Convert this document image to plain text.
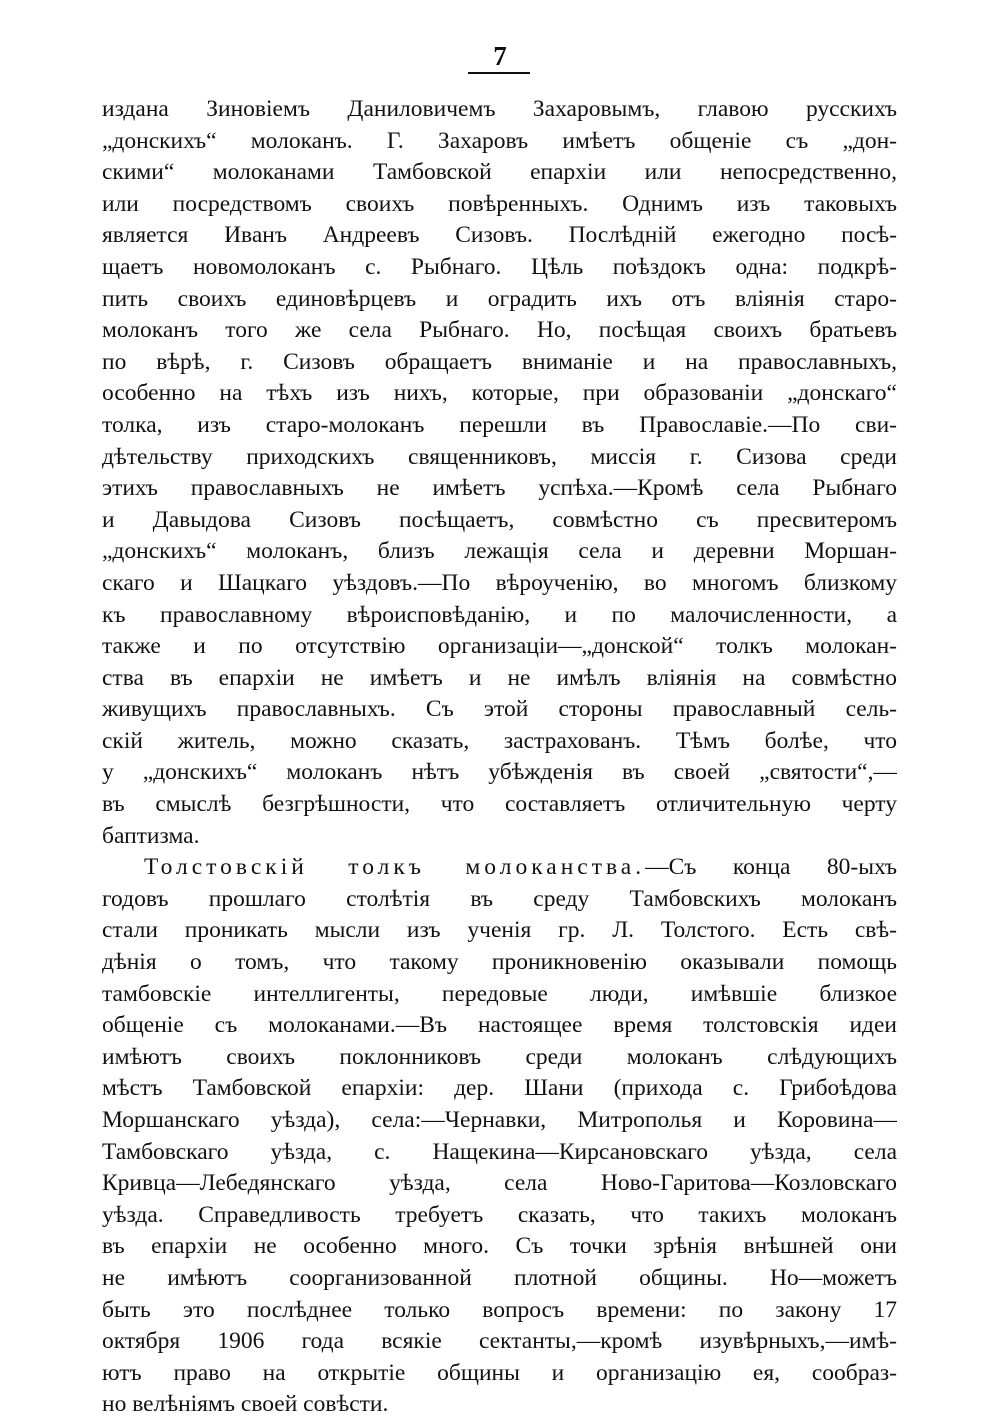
7
издана Зиновіемъ Даниловичемъ Захаровымъ, главою русскихъ
„донскихъ“ молоканъ. Г. Захаровъ имѣетъ общеніе съ „дон-
скими“ молоканами Тамбовской епархіи или непосредственно,
или посредствомъ своихъ повѣренныхъ. Однимъ изъ таковыхъ
является Иванъ Андреевъ Сизовъ. Послѣдній ежегодно посѣ-
щаетъ новомолоканъ с. Рыбнаго. Цѣль поѣздокъ одна: подкрѣ-
пить своихъ единовѣрцевъ и оградить ихъ отъ вліянія старо-
молоканъ того же села Рыбнаго. Но, посѣщая своихъ братьевъ
по вѣрѣ, г. Сизовъ обращаетъ вниманіе и на православныхъ,
особенно на тѣхъ изъ нихъ, которые, при образованіи „донскаго“
толка, изъ старо-молоканъ перешли въ Православіе.—По сви-
дѣтельству приходскихъ священниковъ, миссія г. Сизова среди
этихъ православныхъ не имѣетъ успѣха.—Кромѣ села Рыбнаго
и Давыдова Сизовъ посѣщаетъ, совмѣстно съ пресвитеромъ
„донскихъ“ молоканъ, близъ лежащія села и деревни Моршан-
скаго и Шацкаго уѣздовъ.—По вѣроученію, во многомъ близкому
къ православному вѣроисповѣданію, и по малочисленности, а
также и по отсутствію организаціи—„донской“ толкъ молокан-
ства въ епархіи не имѣетъ и не имѣлъ вліянія на совмѣстно
живущихъ православныхъ. Съ этой стороны православный сель-
скій житель, можно сказать, застрахованъ. Тѣмъ болѣе, что
у „донскихъ“ молоканъ нѣтъ убѣжденія въ своей „святости“,—
въ смыслѣ безгрѣшности, что составляетъ отличительную черту
баптизма.
Толстовскій толкъ молоканства.—Съ конца 80-ыхъ
годовъ прошлаго столѣтія въ среду Тамбовскихъ молоканъ
стали проникать мысли изъ ученія гр. Л. Толстого. Есть свѣ-
дѣнія о томъ, что такому проникновенію оказывали помощь
тамбовскіе интеллигенты, передовые люди, имѣвшіе близкое
общеніе съ молоканами.—Въ настоящее время толстовскія идеи
имѣютъ своихъ поклонниковъ среди молоканъ слѣдующихъ
мѣстъ Тамбовской епархіи: дер. Шани (прихода с. Грибоѣдова
Моршанскаго уѣзда), села:—Чернавки, Митрополья и Коровина—
Тамбовскаго уѣзда, с. Нащекина—Кирсановскаго уѣзда, села
Кривца—Лебедянскаго уѣзда, села Ново-Гаритова—Козловскаго
уѣзда. Справедливость требуетъ сказать, что такихъ молоканъ
въ епархіи не особенно много. Съ точки зрѣнія внѣшней они
не имѣютъ соорганизованной плотной общины. Но—можетъ
быть это послѣднее только вопросъ времени: по закону 17
октября 1906 года всякіе сектанты,—кромѣ изувѣрныхъ,—имѣ-
ютъ право на открытіе общины и организацію ея, сообраз-
но велѣніямъ своей совѣсти.
